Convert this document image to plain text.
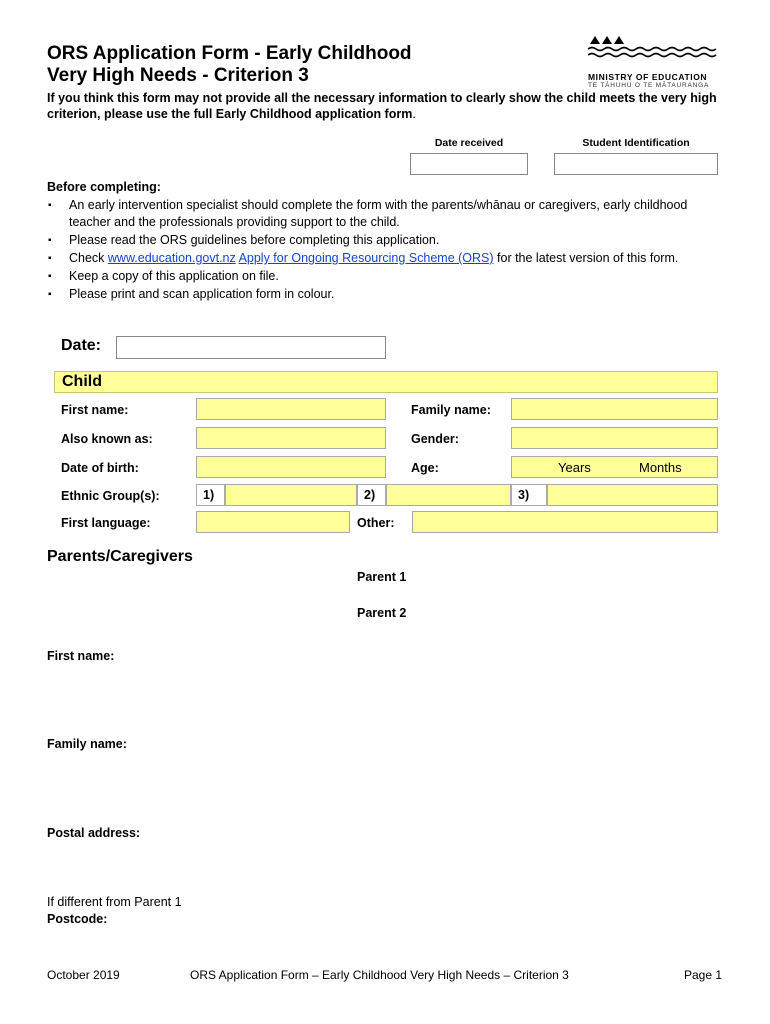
ORS Application Form - Early Childhood
Very High Needs - Criterion 3	MINISTRY OF EDUCATION
TE TĀHUHU O TE MĀTAURANGA
If you think this form may not provide all the necessary information to clearly show the child meets the very high criterion, please use the full Early Childhood application form.
Date received	Student Identification
Before completing:
▪ An early intervention specialist should complete the form with the parents/whānau or caregivers, early childhood teacher and the professionals providing support to the child.
▪ Please read the ORS guidelines before completing this application.
▪ Check www.education.govt.nz Apply for Ongoing Resourcing Scheme (ORS) for the latest version of this form.
▪ Keep a copy of this application on file.
▪ Please print and scan application form in colour.
Date:
Child
First name:	Family name:
Also known as:	Gender:
Date of birth:	Age:	Years	Months
Ethnic Group(s):	1)	2)	3)
First language:	Other:
Parents/Caregivers
Parent 1
Parent 2
First name:
Family name:
Postal address:
If different from Parent 1
Postcode:
October 2019	ORS Application Form – Early Childhood Very High Needs – Criterion 3	Page 1
